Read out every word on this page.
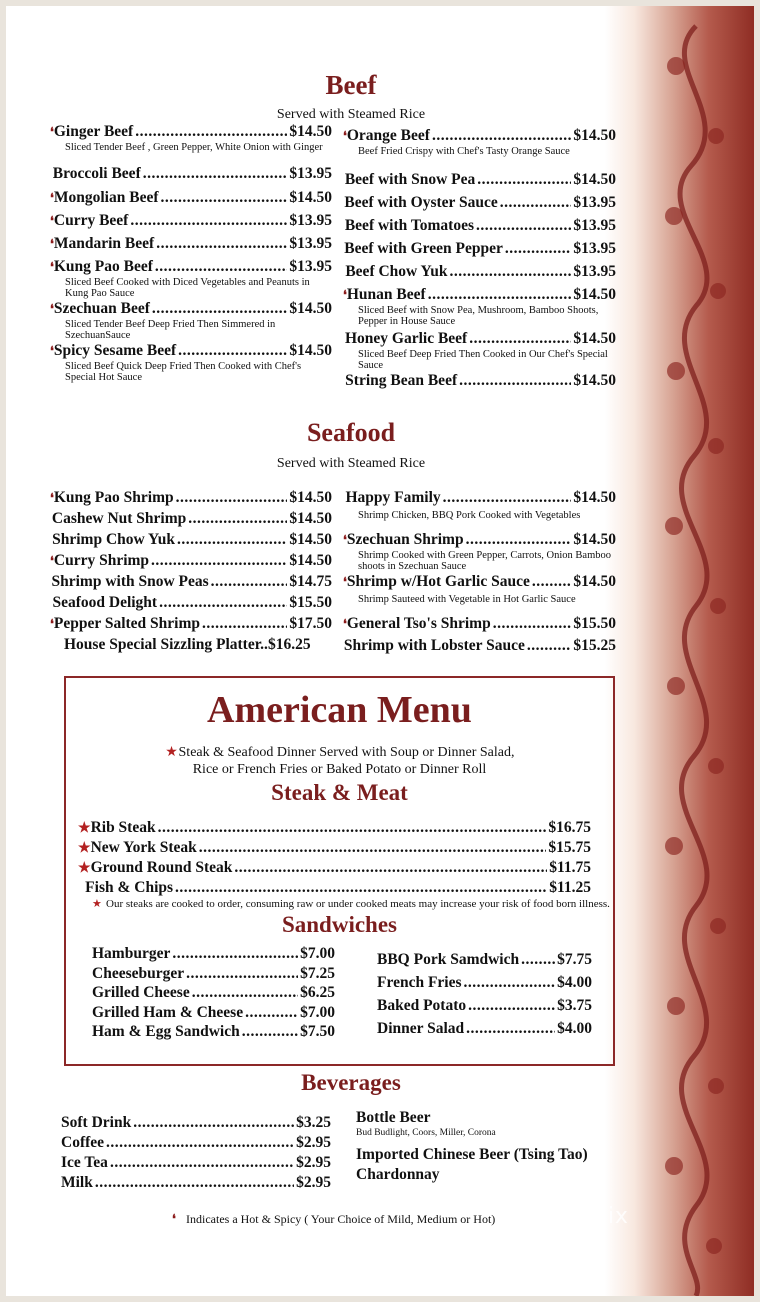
Beef
Served with Steamed Rice
❛ Ginger Beef .....	$14.50
Sliced Tender Beef , Green Pepper, White Onion with Ginger
Broccoli Beef .....	$13.95
❛ Mongolian Beef .....	$14.50
❛ Curry Beef .....	$13.95
❛ Mandarin Beef .....	$13.95
❛ Kung Pao Beef .....	$13.95
Sliced Beef Cooked with Diced Vegetables and Peanuts in Kung Pao Sauce
❛ Szechuan Beef .....	$14.50
Sliced Tender Beef Deep Fried Then Simmered in SzechuanSauce
❛ Spicy Sesame Beef .....	$14.50
Sliced Beef Quick Deep Fried Then Cooked with Chef's Special Hot Sauce
❛ Orange Beef .....	$14.50
Beef Fried Crispy with Chef's Tasty Orange Sauce
Beef with Snow Pea .....	$14.50
Beef with Oyster Sauce .....	$13.95
Beef with Tomatoes .....	$13.95
Beef with Green Pepper .....	$13.95
Beef Chow Yuk .....	$13.95
❛ Hunan Beef .....	$14.50
Sliced Beef with Snow Pea, Mushroom, Bamboo Shoots, Pepper in House Sauce
Honey Garlic Beef .....	$14.50
Sliced Beef Deep Fried Then Cooked in Our Chef's Special Sauce
String Bean Beef .....	$14.50
Seafood
Served with Steamed Rice
❛ Kung Pao Shrimp .....	$14.50
Cashew Nut Shrimp .....	$14.50
Shrimp Chow Yuk .....	$14.50
❛ Curry Shrimp .....	$14.50
Shrimp with Snow Peas .....	$14.75
Seafood Delight .....	$15.50
❛ Pepper Salted Shrimp .....	$17.50
House Special Sizzling Platter.. $16.25
Happy Family .....	$14.50
Shrimp Chicken, BBQ Pork Cooked with Vegetables
❛ Szechuan Shrimp .....	$14.50
Shrimp Cooked with Green Pepper, Carrots, Onion Bamboo shoots in Szechuan Sauce
❛ Shrimp w/Hot Garlic Sauce .....	$14.50
Shrimp Sauteed with Vegetable in Hot Garlic Sauce
❛ General Tso's Shrimp .....	$15.50
Shrimp with Lobster Sauce .....	$15.25
American Menu
★Steak & Seafood Dinner Served with Soup or Dinner Salad,
Rice or French Fries or Baked Potato or Dinner Roll
Steak & Meat
★ Rib Steak .....	$16.75
★ New York Steak .....	$15.75
★ Ground Round Steak .....	$11.75
Fish & Chips .....	$11.25
★ Our steaks are cooked to order, consuming raw or under cooked meats may increase your risk of food born illness.
Sandwiches
Hamburger .....	$7.00
Cheeseburger .....	$7.25
Grilled Cheese .....	$6.25
Grilled Ham & Cheese .....	$7.00
Ham & Egg Sandwich .....	$7.50
BBQ Pork Samdwich ..... $7.75
French Fries .....	$4.00
Baked Potato .....	$3.75
Dinner Salad .....	$4.00
Beverages
Soft Drink .....	$3.25
Coffee .....	$2.95
Ice Tea .....	$2.95
Milk .....	$2.95
Bottle Beer
Bud Budlight, Coors, Miller, Corona
Imported Chinese Beer (Tsing Tao)
Chardonnay
❛ Indicates a Hot & Spicy ( Your Choice of Mild, Medium or Hot) menupix
